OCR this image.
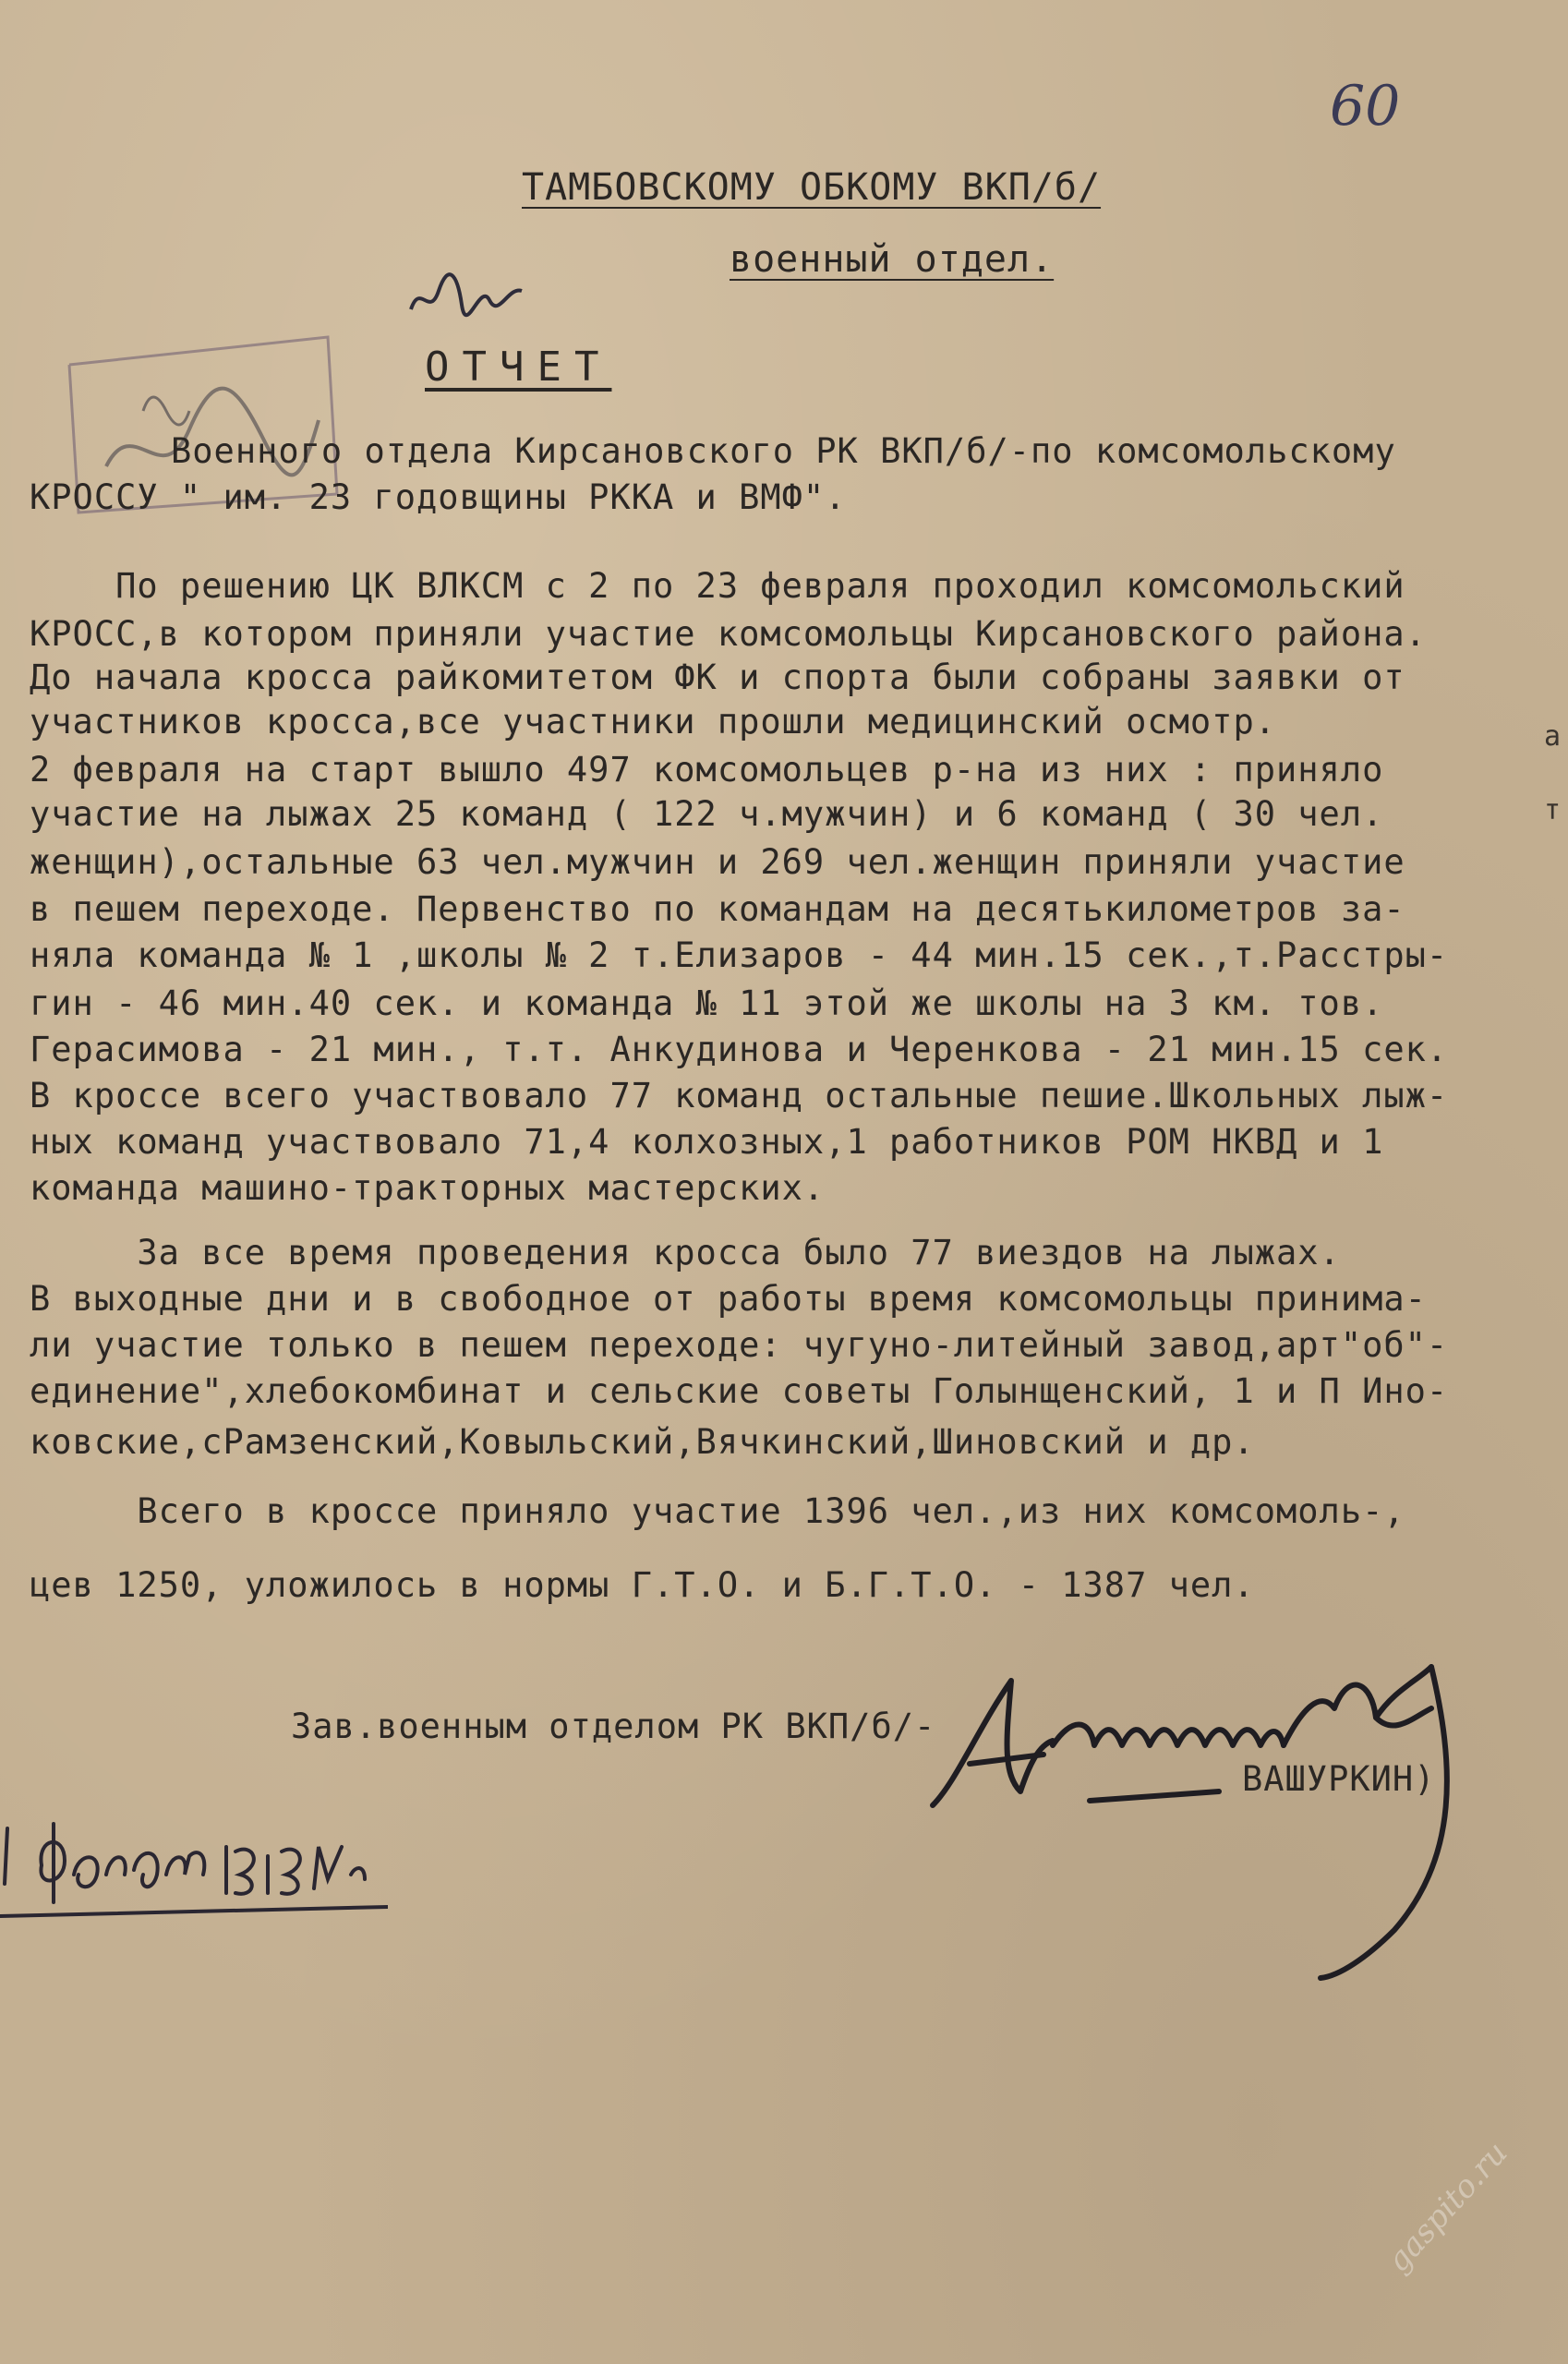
60
ТАМБОВСКОМУ ОБКОМУ ВКП/б/
военный отдел.
ОТЧЕТ
Военного отдела Кирсановского РК ВКП/б/-по комсомольскому
КРОССУ " им. 23 годовщины РККА и ВМФ".
По решению ЦК ВЛКСМ с 2 по 23 февраля проходил комсомольский
КРОСС,в котором приняли участие комсомольцы Кирсановского района.
До начала кросса райкомитетом ФК и спорта были собраны заявки от
участников кросса,все участники прошли медицинский осмотр.
2 февраля на старт вышло 497 комсомольцев р-на из них : приняло
участие на лыжах 25 команд ( 122 ч.мужчин) и 6 команд ( 30 чел.
женщин),остальные 63 чел.мужчин и 269 чел.женщин приняли участие
в пешем переходе. Первенство по командам на десятькилометров за-
няла команда № 1 ,школы № 2 т.Елизаров - 44 мин.15 сек.,т.Расстры-
гин - 46 мин.40 сек. и команда № 11 этой же школы на 3 км. тов.
Герасимова - 21 мин., т.т. Анкудинова и Черенкова - 21 мин.15 сек.
В кроссе всего участвовало 77 команд остальные пешие.Школьных лыж-
ных команд участвовало 71,4 колхозных,1 работников РОМ НКВД и 1
команда машино-тракторных мастерских.
За все время проведения кросса было 77 виездов на лыжах.
В выходные дни и в свободное от работы время комсомольцы принима-
ли участие только в пешем переходе: чугуно-литейный завод,арт"об"-
единение",хлебокомбинат и сельские советы Голынщенский, 1 и П Ино-
ковские,сРамзенский,Ковыльский,Вячкинский,Шиновский и др.
Всего в кроссе приняло участие 1396 чел.,из них комсомоль-,
цев 1250, уложилось в нормы Г.Т.О. и Б.Г.Т.О. - 1387 чел.
Зав.военным отделом РК ВКП/б/-
ВАШУРКИН)
а
т
gaspito.ru
